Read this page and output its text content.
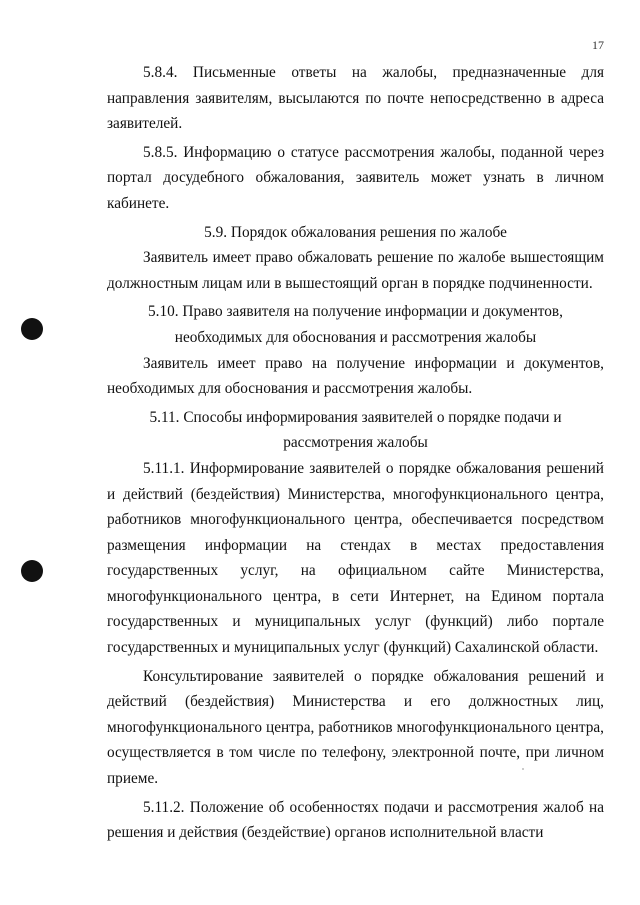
17

5.8.4. Письменные ответы на жалобы, предназначенные для направления заявителям, высылаются по почте непосредственно в адреса заявителей.

5.8.5. Информацию о статусе рассмотрения жалобы, поданной через портал досудебного обжалования, заявитель может узнать в личном кабинете.

5.9. Порядок обжалования решения по жалобе

Заявитель имеет право обжаловать решение по жалобе вышестоящим должностным лицам или в вышестоящий орган в порядке подчиненности.

5.10. Право заявителя на получение информации и документов, необходимых для обоснования и рассмотрения жалобы

Заявитель имеет право на получение информации и документов, необходимых для обоснования и рассмотрения жалобы.

5.11. Способы информирования заявителей о порядке подачи и рассмотрения жалобы

5.11.1. Информирование заявителей о порядке обжалования решений и действий (бездействия) Министерства, многофункционального центра, работников многофункционального центра, обеспечивается посредством размещения информации на стендах в местах предоставления государственных услуг, на официальном сайте Министерства, многофункционального центра, в сети Интернет, на Едином портала государственных и муниципальных услуг (функций) либо портале государственных и муниципальных услуг (функций) Сахалинской области.

Консультирование заявителей о порядке обжалования решений и действий (бездействия) Министерства и его должностных лиц, многофункционального центра, работников многофункционального центра, осуществляется в том числе по телефону, электронной почте, при личном приеме.

5.11.2. Положение об особенностях подачи и рассмотрения жалоб на решения и действия (бездействие) органов исполнительной власти
